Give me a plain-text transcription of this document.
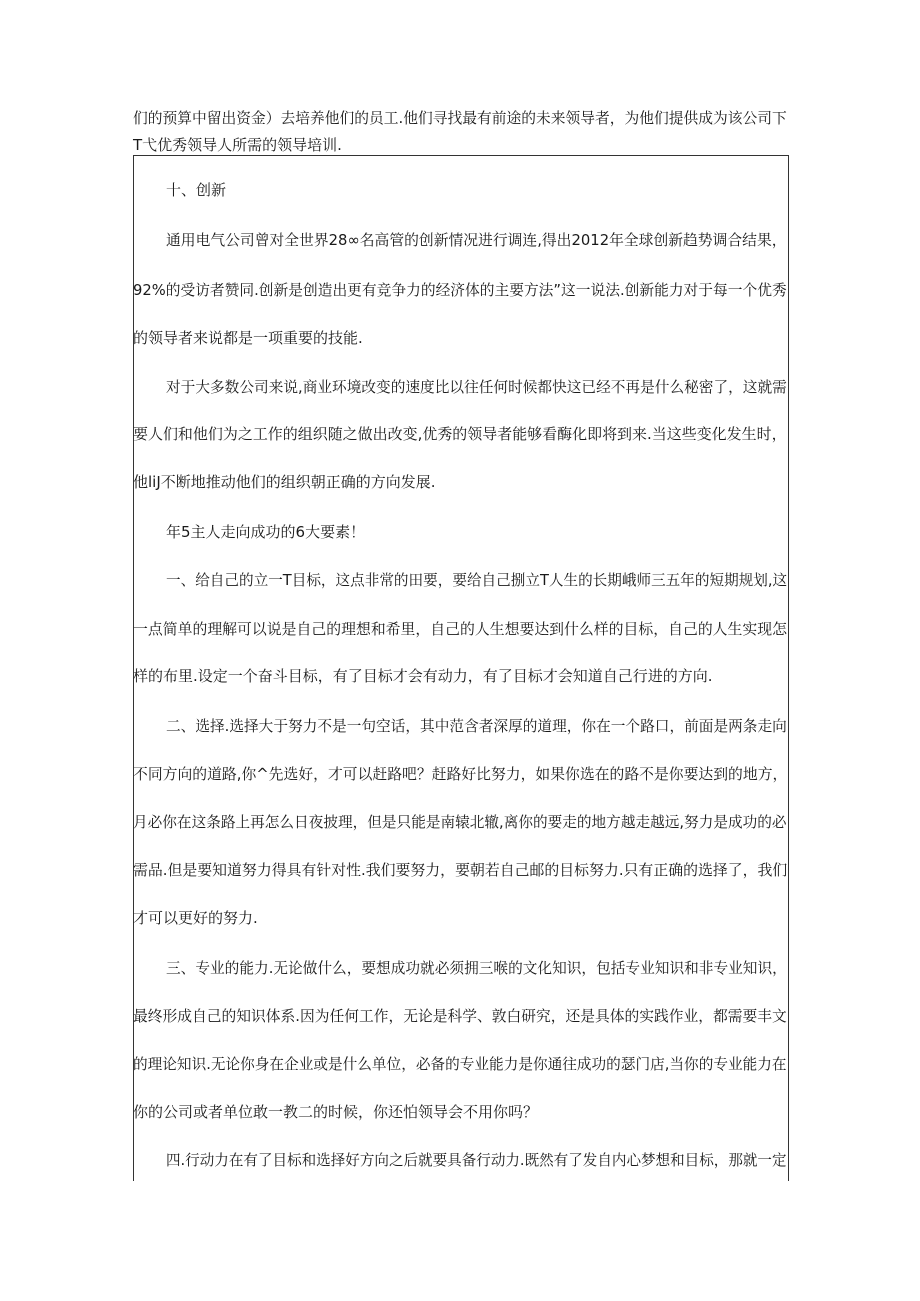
们的预算中留出资金）去培养他们的员工.他们寻找最有前途的未来领导者，为他们提供成为该公司下
T弋优秀领导人所需的领导培训.
十、创新
通用电气公司曾对全世界28∞名高管的创新情况进行调连,得出2012年全球创新趋势调合结果，
92%的受访者赞同.创新是创造出更有竞争力的经济体的主要方法”这一说法.创新能力对于每一个优秀
的领导者来说都是一项重要的技能.
对于大多数公司来说,商业环境改变的速度比以往任何时候都快这已经不再是什么秘密了，这就需
要人们和他们为之工作的组织随之做出改变,优秀的领导者能够看酶化即将到来.当这些变化发生时，
他liJ不断地推动他们的组织朝正确的方向发展.
年5主人走向成功的6大要素！
一、给自己的立一T目标，这点非常的田要，要给自己捌立T人生的长期峨师三五年的短期规划,这
一点简单的理解可以说是自己的理想和希里，自己的人生想要达到什么样的目标，自己的人生实现怎
样的布里.设定一个奋斗目标，有了目标才会有动力，有了目标才会知道自己行进的方向.
二、选择.选择大于努力不是一句空话，其中范含者深厚的道理，你在一个路口，前面是两条走向
不同方向的道路,你^先选好，才可以赶路吧？赶路好比努力，如果你选在的路不是你要达到的地方，
月必你在这条路上再怎么日夜披理，但是只能是南辕北辙,离你的要走的地方越走越远,努力是成功的必
需品.但是要知道努力得具有针对性.我们要努力，要朝若自己邮的目标努力.只有正确的选择了，我们
才可以更好的努力.
三、专业的能力.无论做什么，要想成功就必须拥三喉的文化知识，包括专业知识和非专业知识，
最终形成自己的知识体系.因为任何工作，无论是科学、敦白研究，还是具体的实践作业，都需要丰文
的理论知识.无论你身在企业或是什么单位，必备的专业能力是你通往成功的瑟门店,当你的专业能力在
你的公司或者单位敢一教二的时候，你还怕领导会不用你吗？
四.行动力在有了目标和选择好方向之后就要具备行动力.既然有了发自内心梦想和目标，那就一定
